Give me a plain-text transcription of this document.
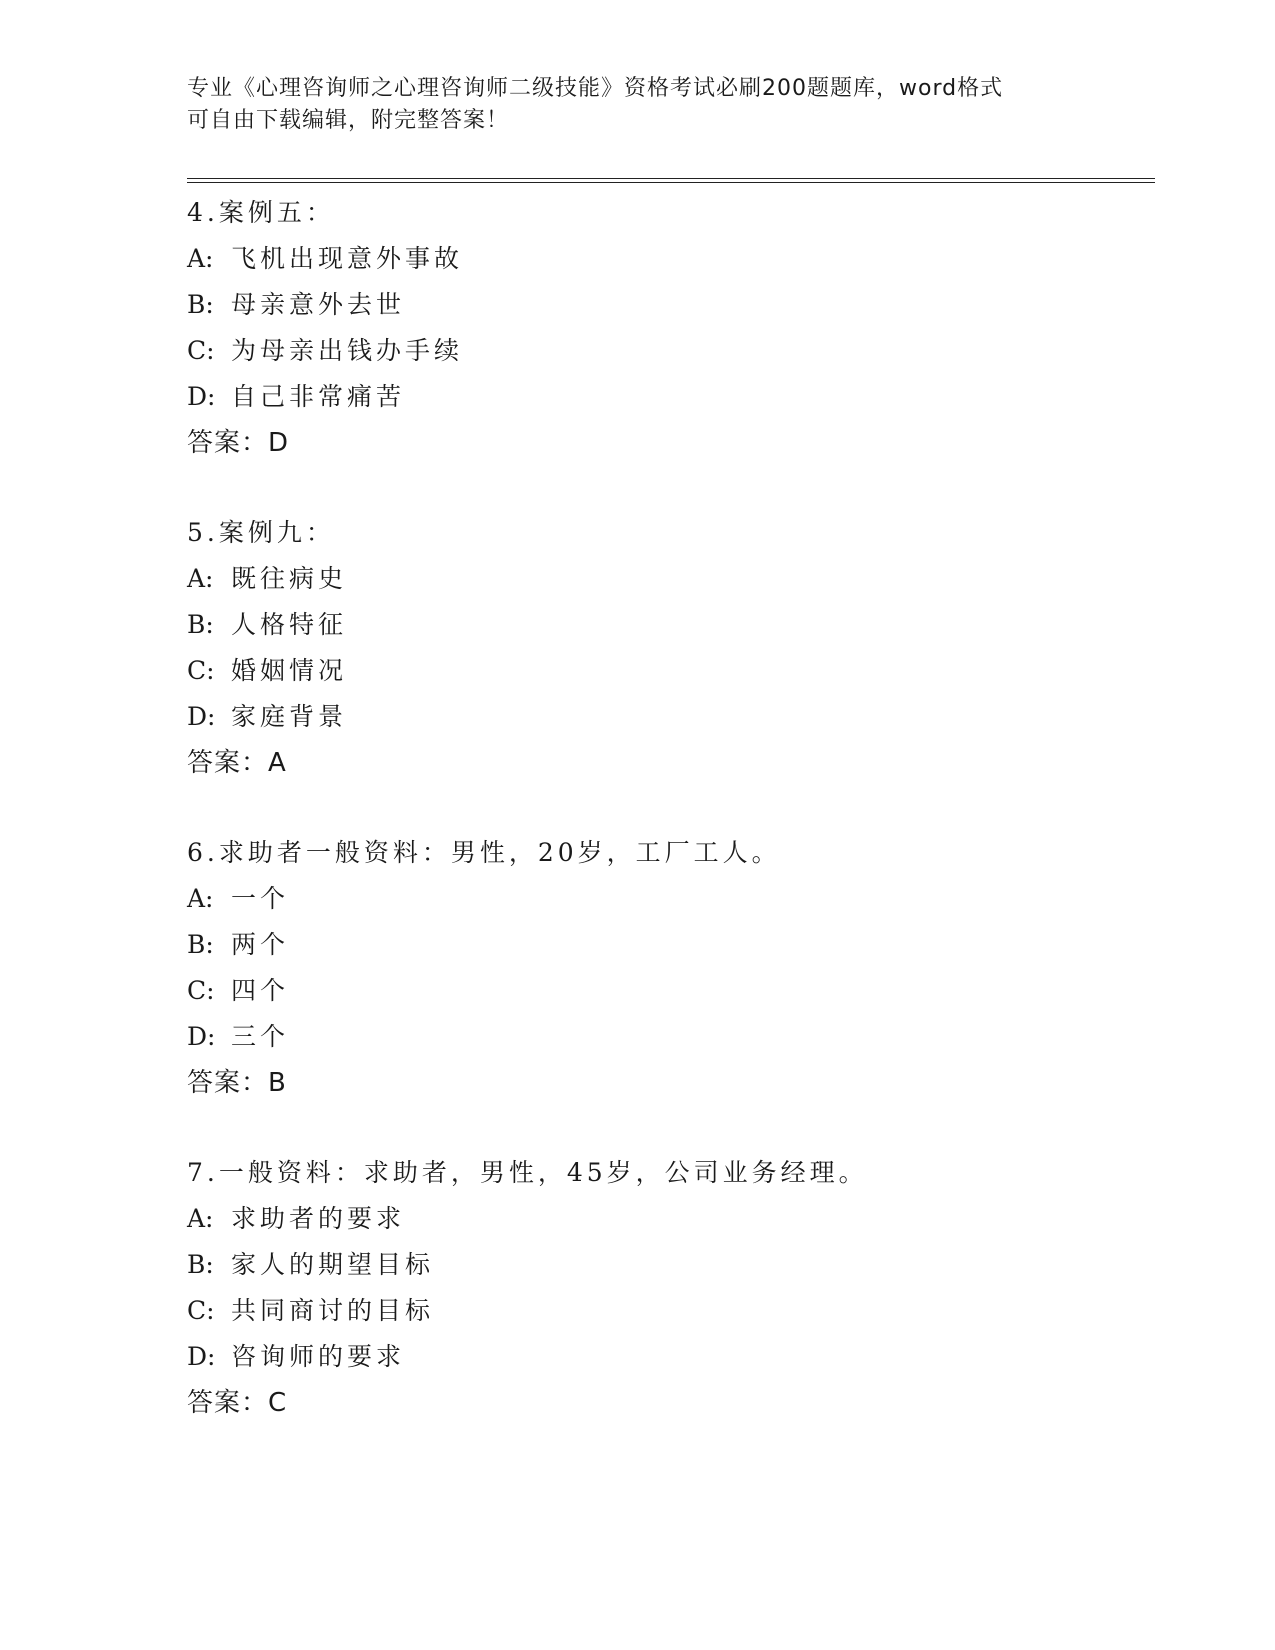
专业《心理咨询师之心理咨询师二级技能》资格考试必刷200题题库，word格式
可自由下载编辑，附完整答案！
4.案例五：
A: 飞机出现意外事故
B: 母亲意外去世
C: 为母亲出钱办手续
D: 自己非常痛苦
答案：D
5.案例九：
A: 既往病史
B: 人格特征
C: 婚姻情况
D: 家庭背景
答案：A
6.求助者一般资料：男性，20岁，工厂工人。
A: 一个
B: 两个
C: 四个
D: 三个
答案：B
7.一般资料：求助者，男性，45岁，公司业务经理。
A: 求助者的要求
B: 家人的期望目标
C: 共同商讨的目标
D: 咨询师的要求
答案：C
